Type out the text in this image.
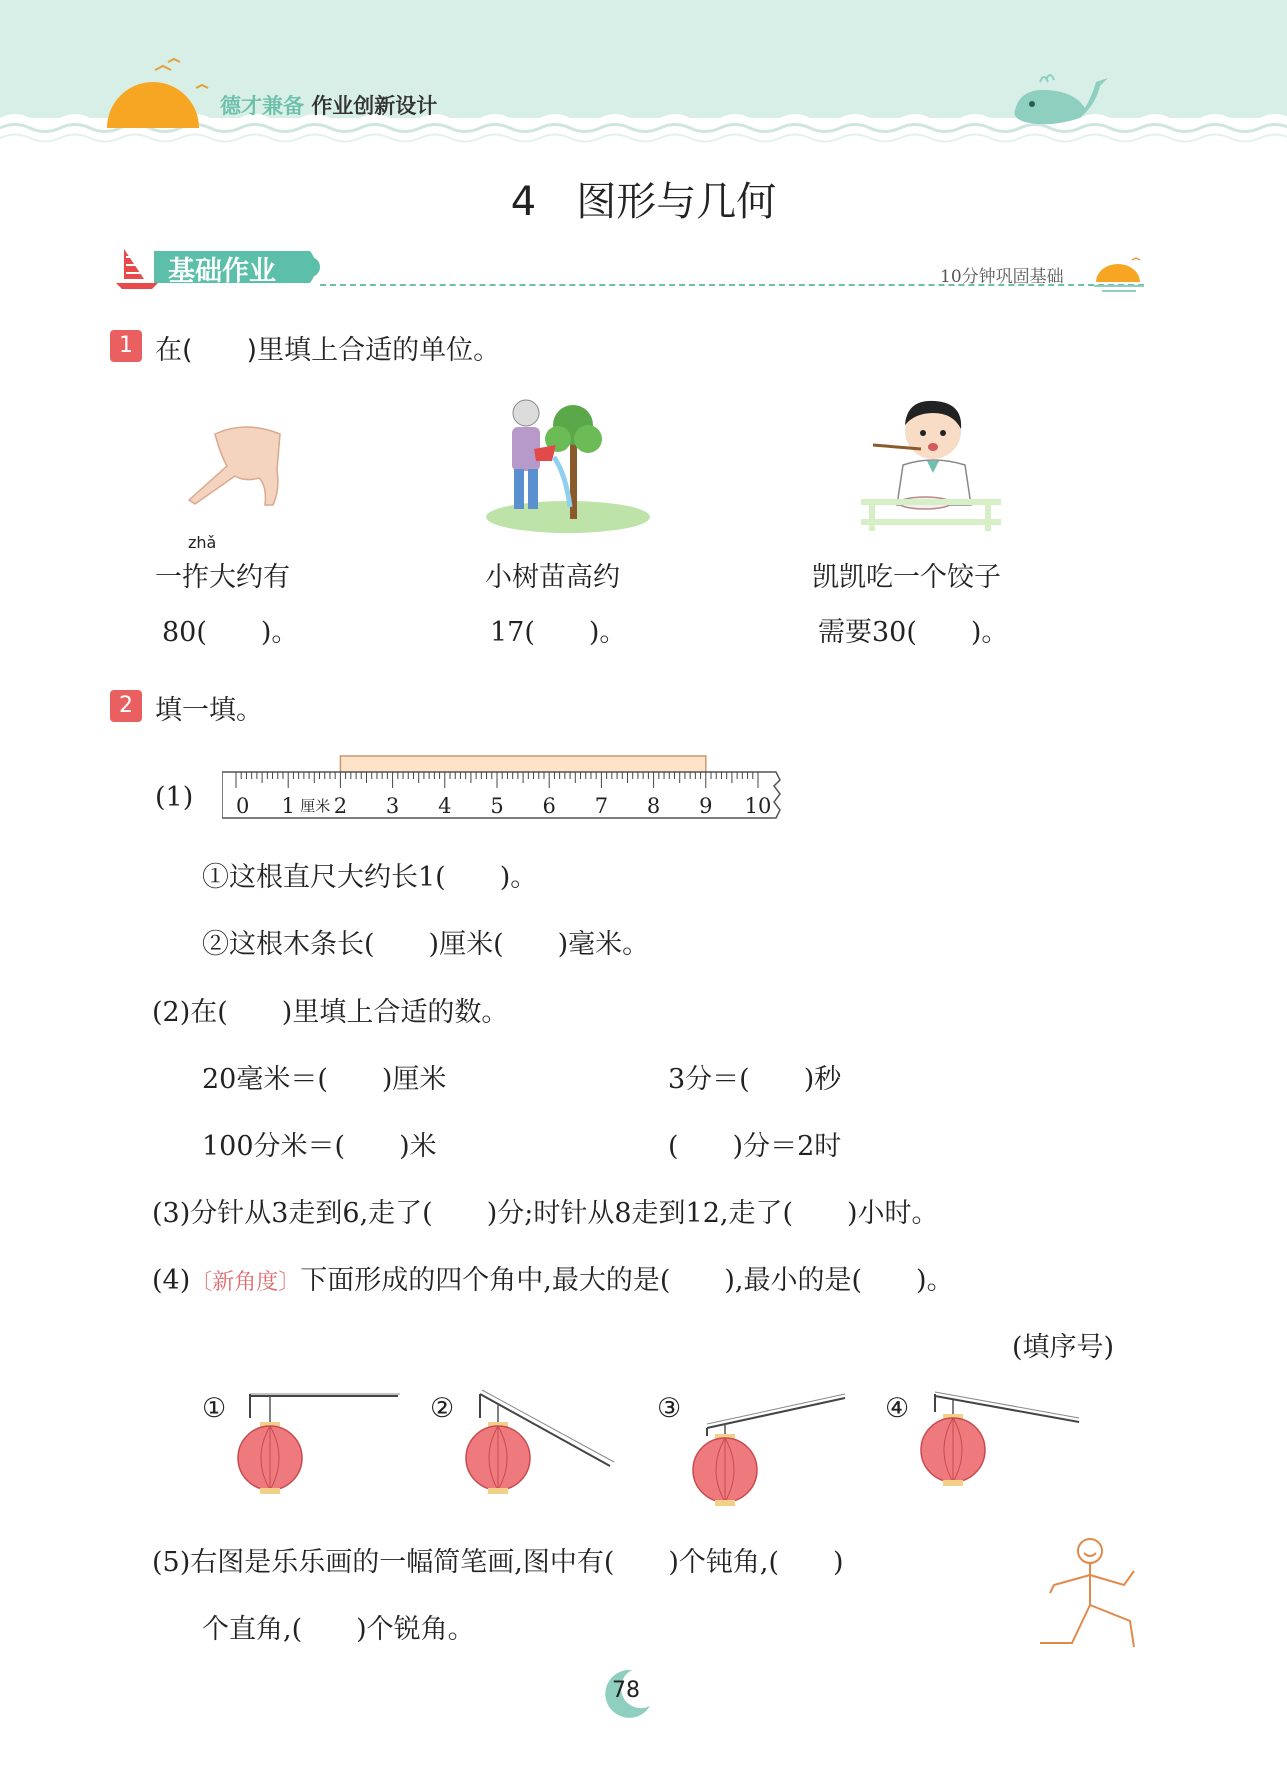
德才兼备 作业创新设计
4　图形与几何
基础作业	10分钟巩固基础
1 在(　　)里填上合适的单位。
zhǎ
一拃大约有
80(　　)。
小树苗高约
17(　　)。
凯凯吃一个饺子
需要30(　　)。
2 填一填。
(1) 0 1 2 3 4 5 6 7 8 9 10
厘米
①这根直尺大约长1(　　)。
②这根木条长(　　)厘米(　　)毫米。
(2)在(　　)里填上合适的数。
20毫米＝(　　)厘米	3分＝(　　)秒
100分米＝(　　)米	(　　)分＝2时
(3)分针从3走到6,走了(　　)分;时针从8走到12,走了(　　)小时。
(4)〔新角度〕下面形成的四个角中,最大的是(　　),最小的是(　　)。
(填序号)
①	②	③	④
(5)右图是乐乐画的一幅简笔画,图中有(　　)个钝角,(　　)
个直角,(　　)个锐角。
78
